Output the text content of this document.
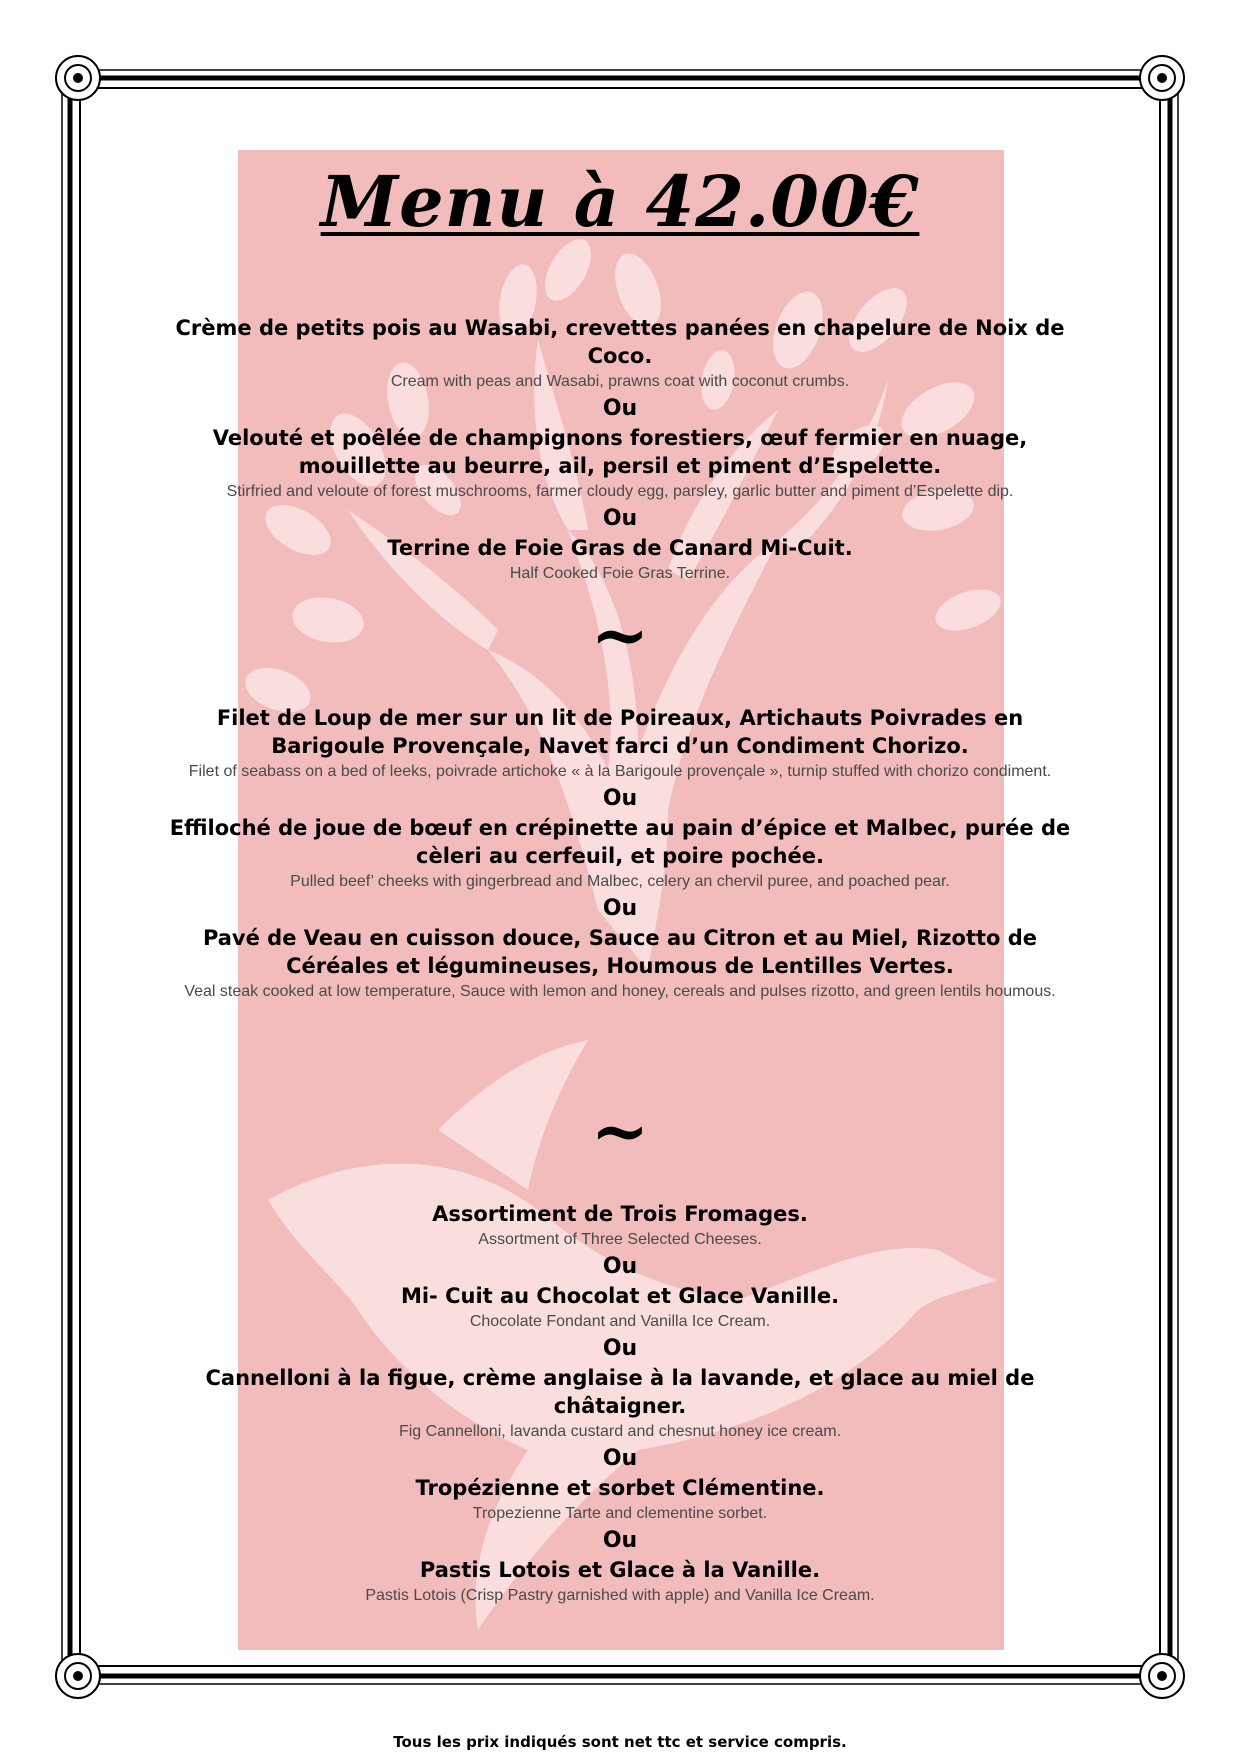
Menu à 42.00€
Crème de petits pois au Wasabi, crevettes panées en chapelure de Noix de Coco.
Cream with peas and Wasabi, prawns coat with coconut crumbs.
Ou
Velouté et poêlée de champignons forestiers, œuf fermier en nuage, mouillette au beurre, ail, persil et piment d’Espelette.
Stirfried and veloute of forest muschrooms, farmer cloudy egg, parsley, garlic butter and piment d’Espelette dip.
Ou
Terrine de Foie Gras de Canard Mi-Cuit.
Half Cooked Foie Gras Terrine.
~
Filet de Loup de mer sur un lit de Poireaux, Artichauts Poivrades en Barigoule Provençale, Navet farci d’un Condiment Chorizo.
Filet of seabass on a bed of leeks, poivrade artichoke « à la Barigoule provençale », turnip stuffed with chorizo condiment.
Ou
Effiloché de joue de bœuf en crépinette au pain d’épice et Malbec, purée de cèleri au cerfeuil, et poire pochée.
Pulled beef’ cheeks with gingerbread and Malbec, celery an chervil puree, and poached pear.
Ou
Pavé de Veau en cuisson douce, Sauce au Citron et au Miel, Rizotto de Céréales et légumineuses, Houmous de Lentilles Vertes.
Veal steak cooked at low temperature, Sauce with lemon and honey, cereals and pulses rizotto, and green lentils houmous.
~
Assortiment de Trois Fromages.
Assortment of Three Selected Cheeses.
Ou
Mi- Cuit au Chocolat et Glace Vanille.
Chocolate Fondant and Vanilla Ice Cream.
Ou
Cannelloni à la figue, crème anglaise à la lavande, et glace au miel de châtaigner.
Fig Cannelloni, lavanda custard and chesnut honey ice cream.
Ou
Tropézienne et sorbet Clémentine.
Tropezienne Tarte and clementine sorbet.
Ou
Pastis Lotois et Glace à la Vanille.
Pastis Lotois (Crisp Pastry garnished with apple) and Vanilla Ice Cream.
Tous les prix indiqués sont net ttc et service compris.
